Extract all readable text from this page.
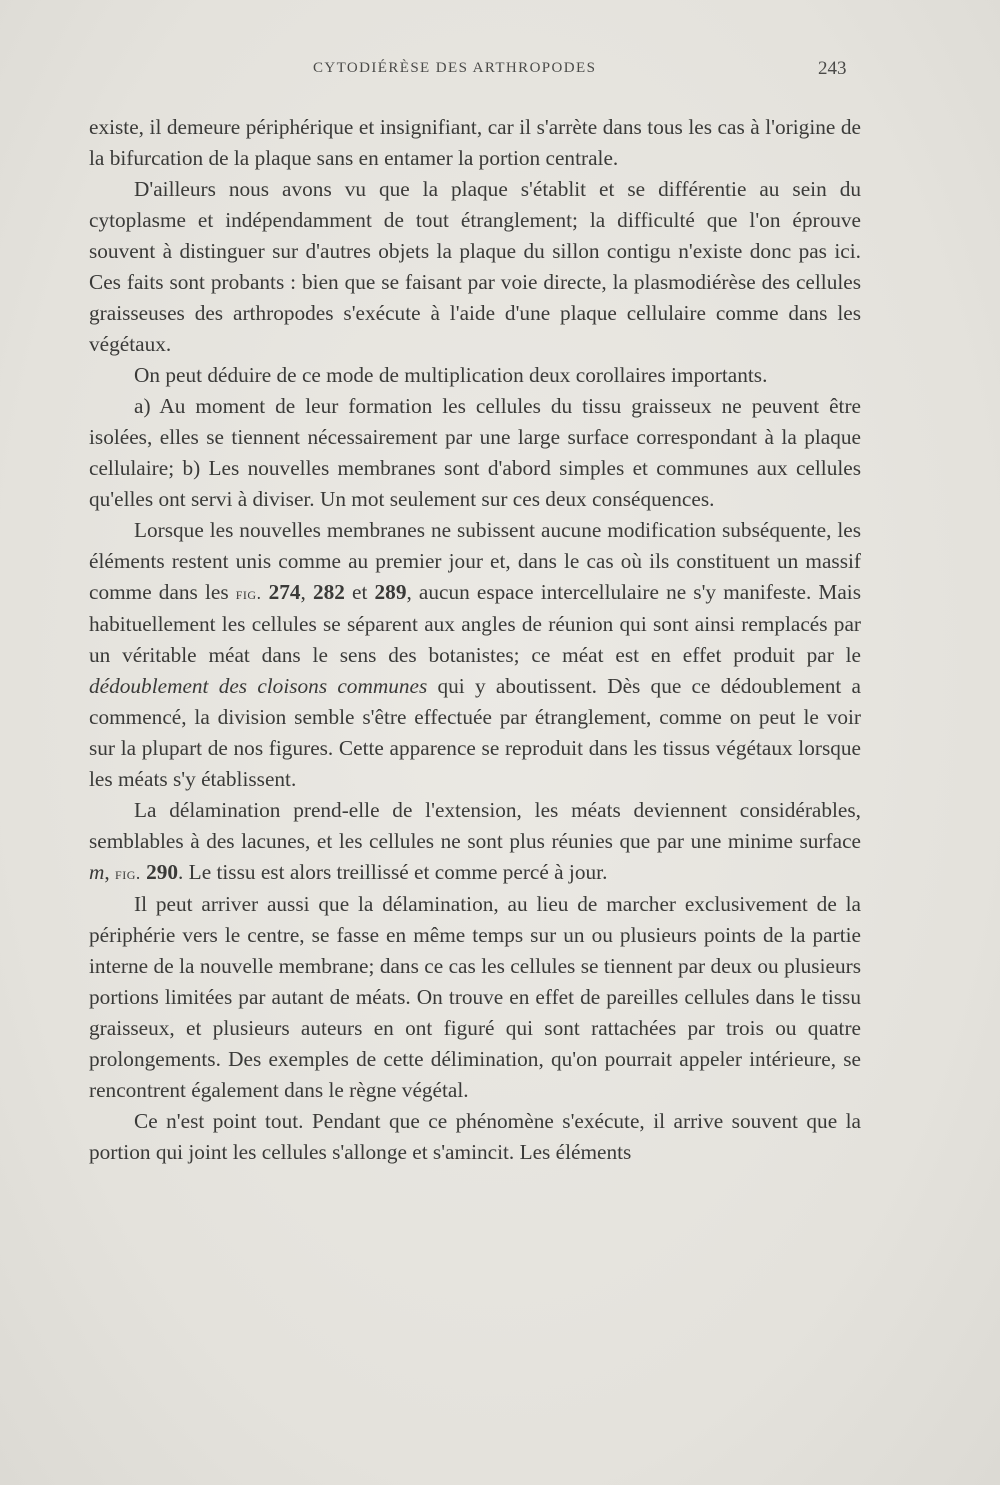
CYTODIÉRÈSE DES ARTHROPODES	243

existe, il demeure périphérique et insignifiant, car il s'arrète dans tous les cas à l'origine de la bifurcation de la plaque sans en entamer la portion centrale.

D'ailleurs nous avons vu que la plaque s'établit et se différentie au sein du cytoplasme et indépendamment de tout étranglement; la difficulté que l'on éprouve souvent à distinguer sur d'autres objets la plaque du sillon contigu n'existe donc pas ici. Ces faits sont probants : bien que se faisant par voie directe, la plasmodiérèse des cellules graisseuses des arthropodes s'exécute à l'aide d'une plaque cellulaire comme dans les végétaux.

On peut déduire de ce mode de multiplication deux corollaires importants.

a) Au moment de leur formation les cellules du tissu graisseux ne peuvent être isolées, elles se tiennent nécessairement par une large surface correspondant à la plaque cellulaire; b) Les nouvelles membranes sont d'abord simples et communes aux cellules qu'elles ont servi à diviser. Un mot seulement sur ces deux conséquences.

Lorsque les nouvelles membranes ne subissent aucune modification subséquente, les éléments restent unis comme au premier jour et, dans le cas où ils constituent un massif comme dans les fig. 274, 282 et 289, aucun espace intercellulaire ne s'y manifeste. Mais habituellement les cellules se séparent aux angles de réunion qui sont ainsi remplacés par un véritable méat dans le sens des botanistes; ce méat est en effet produit par le dédoublement des cloisons communes qui y aboutissent. Dès que ce dédoublement a commencé, la division semble s'être effectuée par étranglement, comme on peut le voir sur la plupart de nos figures. Cette apparence se reproduit dans les tissus végétaux lorsque les méats s'y établissent.

La délamination prend-elle de l'extension, les méats deviennent considérables, semblables à des lacunes, et les cellules ne sont plus réunies que par une minime surface m, fig. 290. Le tissu est alors treillissé et comme percé à jour.

Il peut arriver aussi que la délamination, au lieu de marcher exclusivement de la périphérie vers le centre, se fasse en même temps sur un ou plusieurs points de la partie interne de la nouvelle membrane; dans ce cas les cellules se tiennent par deux ou plusieurs portions limitées par autant de méats. On trouve en effet de pareilles cellules dans le tissu graisseux, et plusieurs auteurs en ont figuré qui sont rattachées par trois ou quatre prolongements. Des exemples de cette délimination, qu'on pourrait appeler intérieure, se rencontrent également dans le règne végétal.

Ce n'est point tout. Pendant que ce phénomène s'exécute, il arrive souvent que la portion qui joint les cellules s'allonge et s'amincit. Les éléments
